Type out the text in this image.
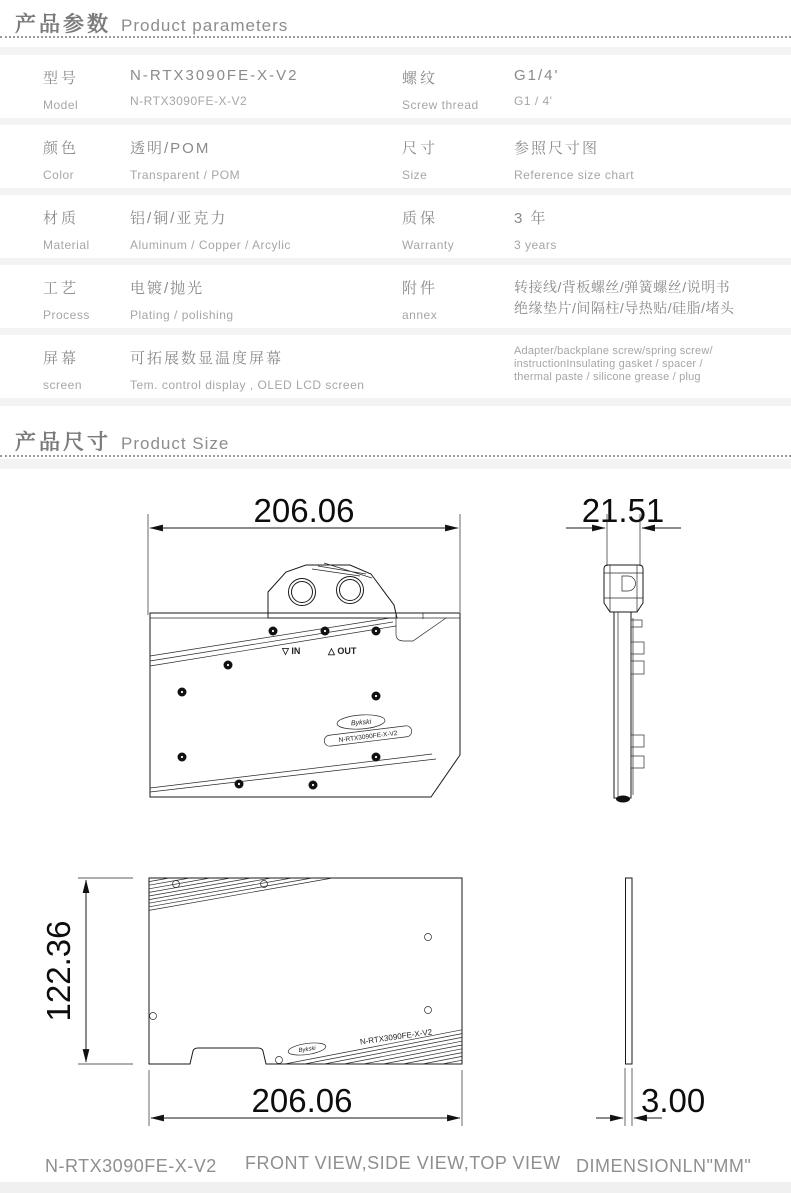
产品参数 Product parameters
型号
Model
N-RTX3090FE-X-V2
N-RTX3090FE-X-V2
螺纹
Screw thread
G1/4'
G1 / 4'
颜色
Color
透明/POM
Transparent / POM
尺寸
Size
参照尺寸图
Reference size chart
材质
Material
铝/铜/亚克力
Aluminum / Copper / Arcylic
质保
Warranty
3 年
3 years
工艺
Process
电镀/抛光
Plating / polishing
附件
annex
转接线/背板螺丝/弹簧螺丝/说明书
绝缘垫片/间隔柱/导热贴/硅脂/堵头
屏幕
screen
可拓展数显温度屏幕
Tem. control display , OLED LCD screen
Adapter/backplane screw/spring screw/
instructionInsulating gasket / spacer /
thermal paste / silicone grease / plug
产品尺寸 Product Size
206.06
▽ IN	△ OUT
Bykski
N-RTX3090FE-X-V2
21.51
122.36
Bykski
N-RTX3090FE-X-V2
206.06	3.00
N-RTX3090FE-X-V2 FRONT VIEW,SIDE VIEW,TOP VIEW DIMENSIONLN"MM"
